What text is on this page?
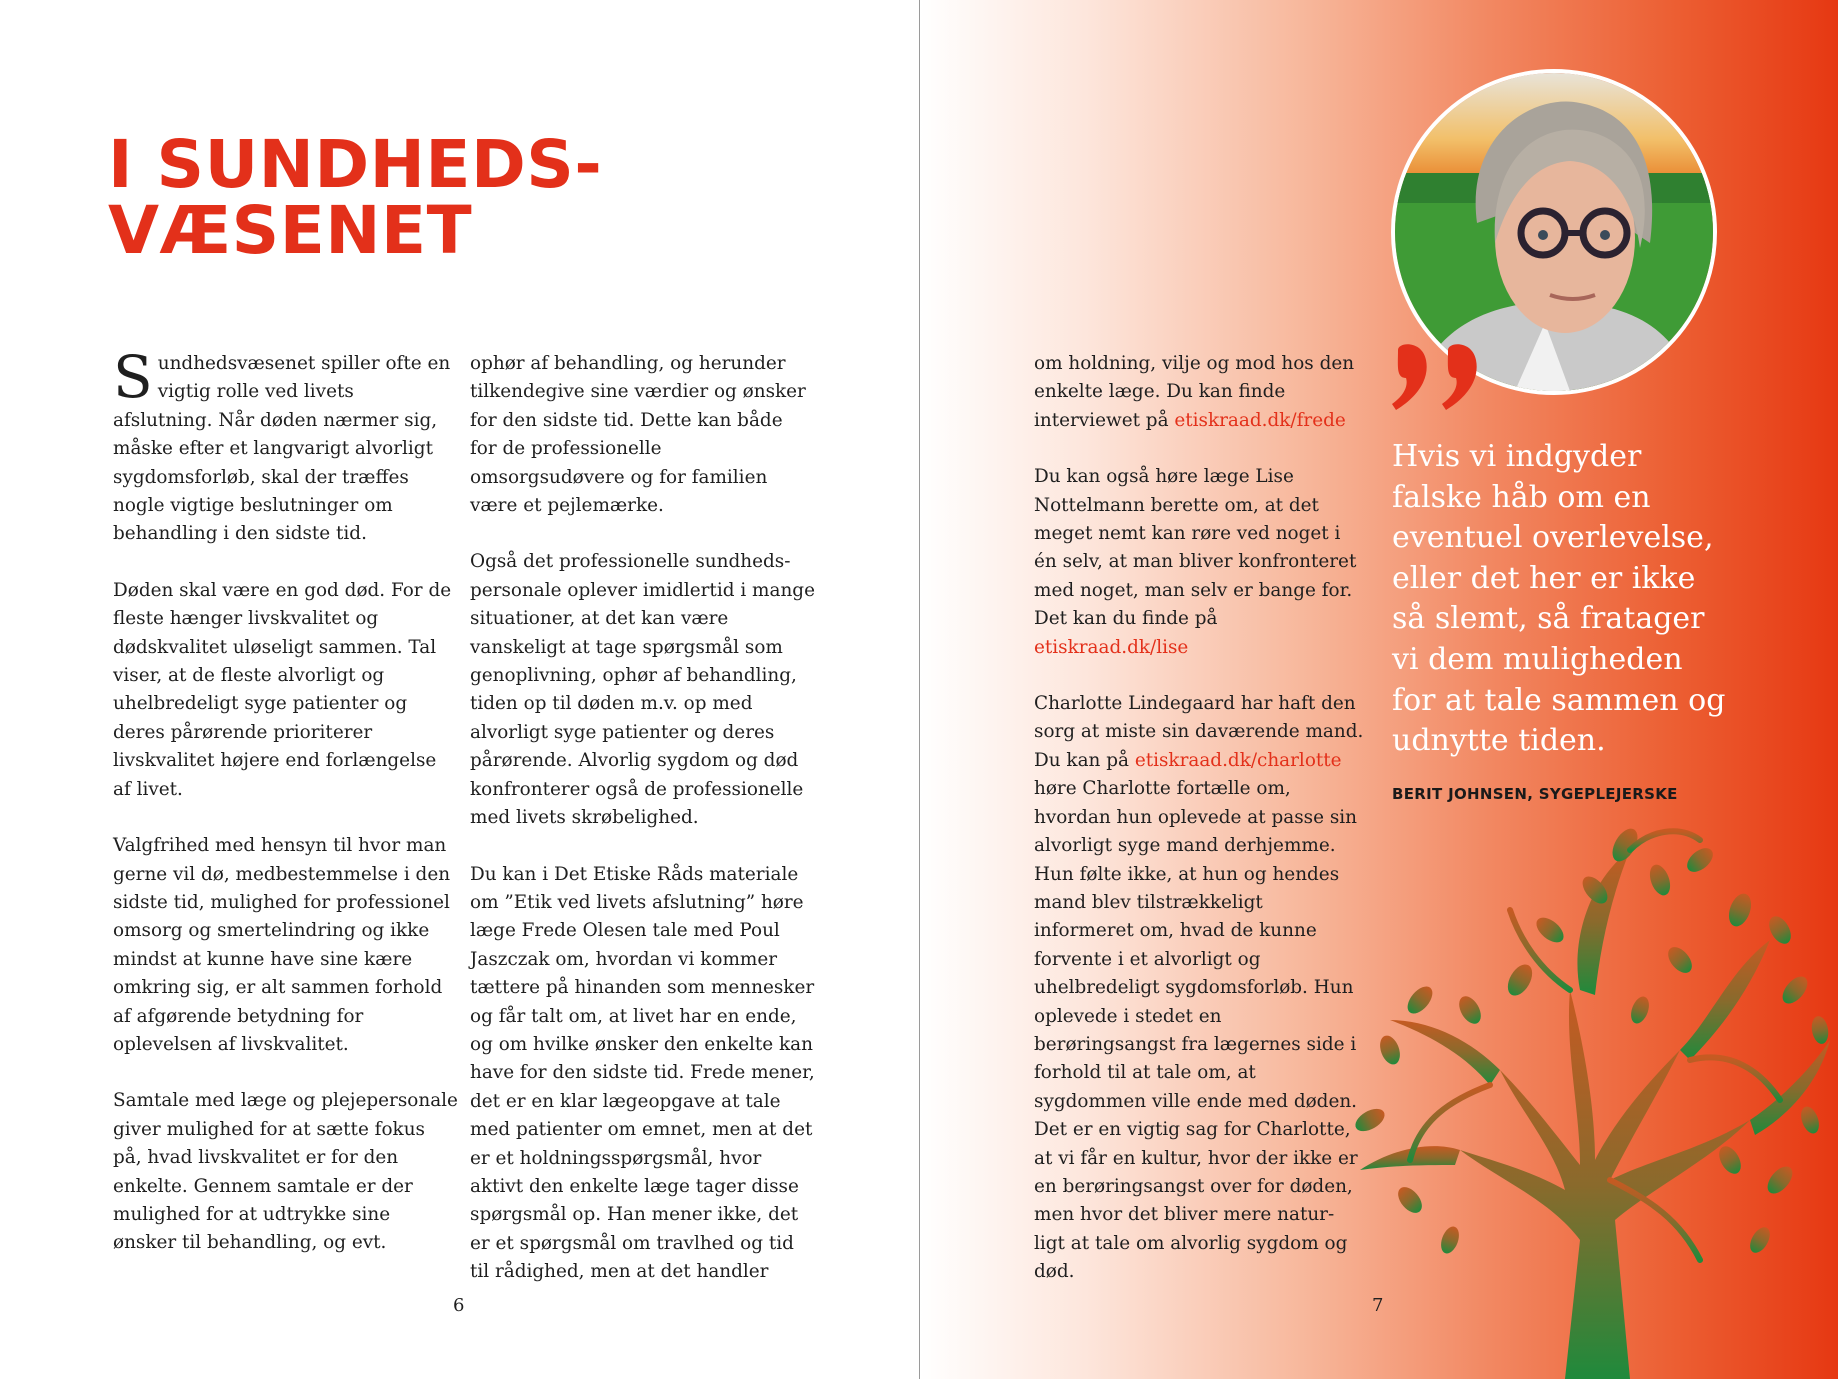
I SUNDHEDS-
VÆSENET

Sundhedsvæsenet spiller ofte en vigtig rolle ved livets afslutning. Når døden nærmer sig, måske efter et langvarigt alvorligt sygdomsforløb, skal der træffes nogle vigtige beslutninger om behandling i den sidste tid.

Døden skal være en god død. For de fleste hænger livskvalitet og dødskvalitet uløseligt sammen. Tal viser, at de fleste alvorligt og uhelbredeligt syge patienter og deres pårørende prioriterer livskvalitet højere end forlængelse af livet.

Valgfrihed med hensyn til hvor man gerne vil dø, medbestemmelse i den sidste tid, mulighed for professionel omsorg og smertelindring og ikke mindst at kunne have sine kære omkring sig, er alt sammen forhold af afgørende betydning for oplevelsen af livskvalitet.

Samtale med læge og plejepersonale giver mulighed for at sætte fokus på, hvad livskvalitet er for den enkelte. Gennem samtale er der mulighed for at udtrykke sine ønsker til behandling, og evt.

ophør af behandling, og herunder tilkendegive sine værdier og ønsker for den sidste tid. Dette kan både for de professionelle omsorgsudøvere og for familien være et pejlemærke.

Også det professionelle sundheds- personale oplever imidlertid i mange situationer, at det kan være vanskeligt at tage spørgsmål som genoplivning, ophør af behandling, tiden op til døden m.v. op med alvorligt syge patienter og deres pårørende. Alvorlig sygdom og død konfronterer også de professionelle med livets skrøbelighed.

Du kan i Det Etiske Råds materiale om ”Etik ved livets afslutning” høre læge Frede Olesen tale med Poul Jaszczak om, hvordan vi kommer tættere på hinanden som mennesker og får talt om, at livet har en ende, og om hvilke ønsker den enkelte kan have for den sidste tid. Frede mener, det er en klar lægeopgave at tale med patienter om emnet, men at det er et holdningsspørgsmål, hvor aktivt den enkelte læge tager disse spørgsmål op. Han mener ikke, det er et spørgsmål om travlhed og tid til rådighed, men at det handler

6

om holdning, vilje og mod hos den enkelte læge. Du kan finde interviewet på etiskraad.dk/frede

Du kan også høre læge Lise Nottelmann berette om, at det meget nemt kan røre ved noget i én selv, at man bliver konfronteret med noget, man selv er bange for. Det kan du finde på etiskraad.dk/lise

Charlotte Lindegaard har haft den sorg at miste sin daværende mand. Du kan på etiskraad.dk/charlotte høre Charlotte fortælle om, hvordan hun oplevede at passe sin alvorligt syge mand derhjemme. Hun følte ikke, at hun og hendes mand blev tilstrækkeligt informeret om, hvad de kunne forvente i et alvorligt og uhelbredeligt sygdomsforløb. Hun oplevede i stedet en berøringsangst fra lægernes side i forhold til at tale om, at sygdommen ville ende med døden. Det er en vigtig sag for Charlotte, at vi får en kultur, hvor der ikke er en berøringsangst over for døden, men hvor det bliver mere natur- ligt at tale om alvorlig sygdom og død.

Hvis vi indgyder falske håb om en eventuel overlevelse, eller det her er ikke så slemt, så fratager vi dem muligheden for at tale sammen og udnytte tiden.

BERIT JOHNSEN, SYGEPLEJERSKE

7
